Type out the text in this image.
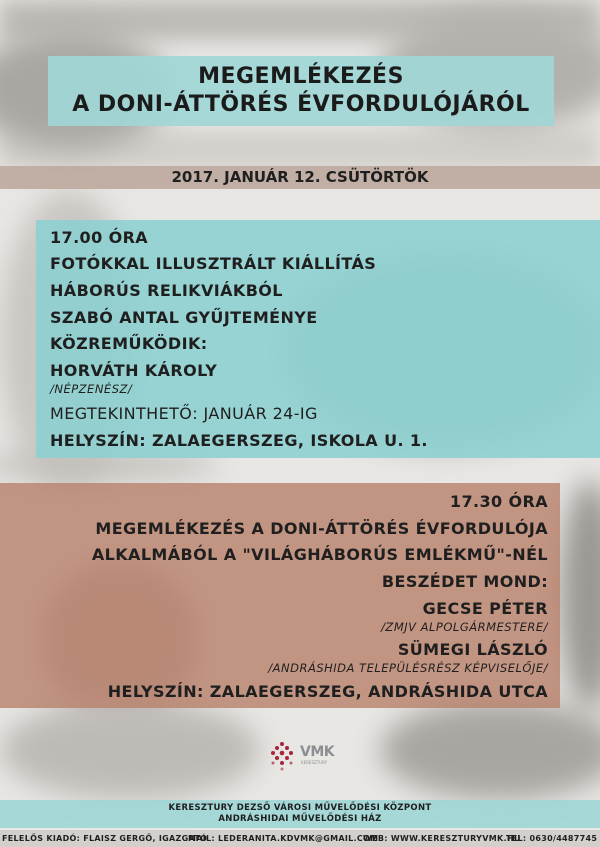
MEGEMLÉKEZÉS
A DONI-ÁTTÖRÉS ÉVFORDULÓJÁRÓL
2017. JANUÁR 12. CSÜTÖRTÖK
17.00 ÓRA
FOTÓKKAL ILLUSZTRÁLT KIÁLLÍTÁS
HÁBORÚS RELIKVIÁKBÓL
SZABÓ ANTAL GYŰJTEMÉNYE
KÖZREMŰKÖDIK:
HORVÁTH KÁROLY
/NÉPZENÉSZ/
MEGTEKINTHETŐ: JANUÁR 24-IG
HELYSZÍN: ZALAEGERSZEG, ISKOLA U. 1.
17.30 ÓRA
MEGEMLÉKEZÉS A DONI-ÁTTÖRÉS ÉVFORDULÓJA
ALKALMÁBÓL A "VILÁGHÁBORÚS EMLÉKMŰ"-NÉL
BESZÉDET MOND:
GECSE PÉTER
/ZMJV ALPOLGÁRMESTERE/
SÜMEGI LÁSZLÓ
/ANDRÁSHIDA TELEPÜLÉSRÉSZ KÉPVISELŐJE/
HELYSZÍN: ZALAEGERSZEG, ANDRÁSHIDA UTCA
VMK
KERESZTURY
KERESZTURY DEZSŐ VÁROSI MŰVELŐDÉSI KÖZPONT
ANDRÁSHIDAI MŰVELŐDÉSI HÁZ
FELELŐS KIADÓ: FLAISZ GERGŐ, IGAZGATÓ
MAIL: LEDERANITA.KDVMK@GMAIL.COM
WEB: WWW.KERESZTURYVMK.HU
TEL: 0630/4487745
